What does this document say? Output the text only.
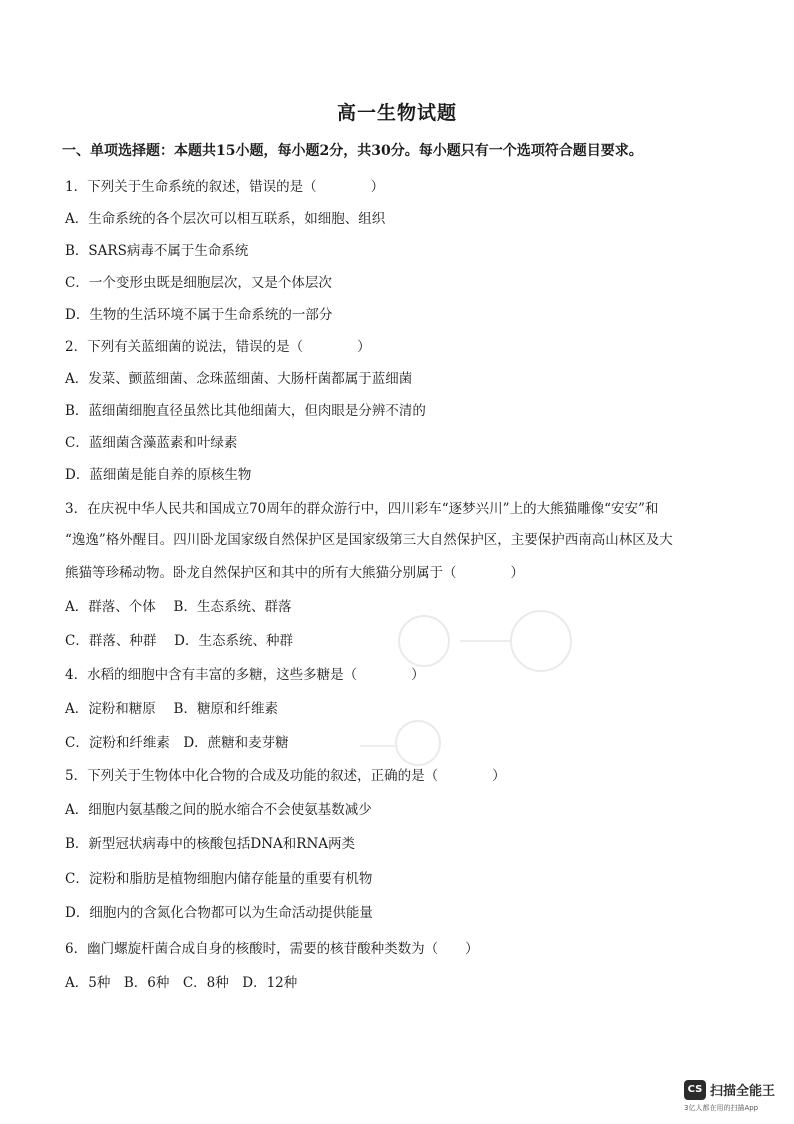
高一生物试题
一、单项选择题：本题共15小题，每小题2分，共30分。每小题只有一个选项符合题目要求。
1．下列关于生命系统的叙述，错误的是（　　　　）
A．生命系统的各个层次可以相互联系，如细胞、组织
B．SARS病毒不属于生命系统
C．一个变形虫既是细胞层次，又是个体层次
D．生物的生活环境不属于生命系统的一部分
2．下列有关蓝细菌的说法，错误的是（　　　　）
A．发菜、颤蓝细菌、念珠蓝细菌、大肠杆菌都属于蓝细菌
B．蓝细菌细胞直径虽然比其他细菌大，但肉眼是分辨不清的
C．蓝细菌含藻蓝素和叶绿素
D．蓝细菌是能自养的原核生物
3．在庆祝中华人民共和国成立70周年的群众游行中，四川彩车“逐梦兴川”上的大熊猫雕像“安安”和
“逸逸”格外醒目。四川卧龙国家级自然保护区是国家级第三大自然保护区，主要保护西南高山林区及大
熊猫等珍稀动物。卧龙自然保护区和其中的所有大熊猫分别属于（　　　　）
A．群落、个体　 B．生态系统、群落
C．群落、种群　 D．生态系统、种群
4．水稻的细胞中含有丰富的多糖，这些多糖是（　　　　）
A．淀粉和糖原　 B．糖原和纤维素
C．淀粉和纤维素　D．蔗糖和麦芽糖
5．下列关于生物体中化合物的合成及功能的叙述，正确的是（　　　　）
A．细胞内氨基酸之间的脱水缩合不会使氨基数减少
B．新型冠状病毒中的核酸包括DNA和RNA两类
C．淀粉和脂肪是植物细胞内储存能量的重要有机物
D．细胞内的含氮化合物都可以为生命活动提供能量
6．幽门螺旋杆菌合成自身的核酸时，需要的核苷酸种类数为（　　）
A．5种　B．6种　C．8种　D．12种
CS 扫描全能王
3亿人都在用的扫描App
